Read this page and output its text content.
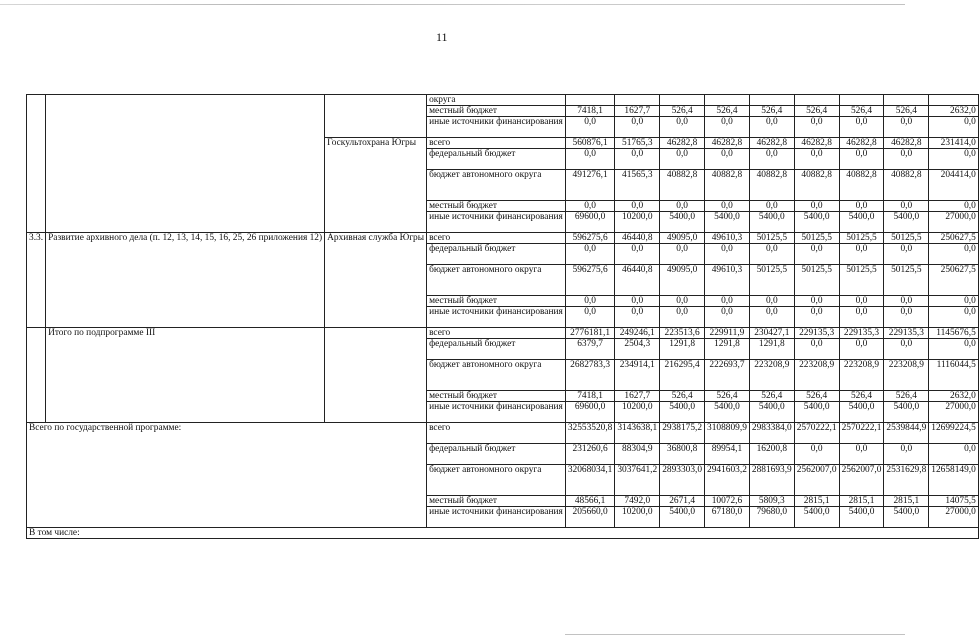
11
			округа									
			местный бюджет	7418,1	1627,7	526,4	526,4	526,4	526,4	526,4	526,4	2632,0
			иные источники финансирования	0,0	0,0	0,0	0,0	0,0	0,0	0,0	0,0	0,0
		Госкультохрана Югры	всего	560876,1	51765,3	46282,8	46282,8	46282,8	46282,8	46282,8	46282,8	231414,0
			федеральный бюджет	0,0	0,0	0,0	0,0	0,0	0,0	0,0	0,0	0,0
			бюджет автономного округа	491276,1	41565,3	40882,8	40882,8	40882,8	40882,8	40882,8	40882,8	204414,0
			местный бюджет	0,0	0,0	0,0	0,0	0,0	0,0	0,0	0,0	0,0
			иные источники финансирования	69600,0	10200,0	5400,0	5400,0	5400,0	5400,0	5400,0	5400,0	27000,0
3.3.	Развитие архивного дела (п. 12, 13, 14, 15, 16, 25, 26 приложения 12)	Архивная служба Югры	всего	596275,6	46440,8	49095,0	49610,3	50125,5	50125,5	50125,5	50125,5	250627,5
			федеральный бюджет	0,0	0,0	0,0	0,0	0,0	0,0	0,0	0,0	0,0
			бюджет автономного округа	596275,6	46440,8	49095,0	49610,3	50125,5	50125,5	50125,5	50125,5	250627,5
			местный бюджет	0,0	0,0	0,0	0,0	0,0	0,0	0,0	0,0	0,0
			иные источники финансирования	0,0	0,0	0,0	0,0	0,0	0,0	0,0	0,0	0,0
	Итого по подпрограмме III		всего	2776181,1	249246,1	223513,6	229911,9	230427,1	229135,3	229135,3	229135,3	1145676,5
			федеральный бюджет	6379,7	2504,3	1291,8	1291,8	1291,8	0,0	0,0	0,0	0,0
			бюджет автономного округа	2682783,3	234914,1	216295,4	222693,7	223208,9	223208,9	223208,9	223208,9	1116044,5
			местный бюджет	7418,1	1627,7	526,4	526,4	526,4	526,4	526,4	526,4	2632,0
			иные источники финансирования	69600,0	10200,0	5400,0	5400,0	5400,0	5400,0	5400,0	5400,0	27000,0
Всего по государственной программе:			всего	32553520,8	3143638,1	2938175,2	3108809,9	2983384,0	2570222,1	2570222,1	2539844,9	12699224,5
			федеральный бюджет	231260,6	88304,9	36800,8	89954,1	16200,8	0,0	0,0	0,0	0,0
			бюджет автономного округа	32068034,1	3037641,2	2893303,0	2941603,2	2881693,9	2562007,0	2562007,0	2531629,8	12658149,0
			местный бюджет	48566,1	7492,0	2671,4	10072,6	5809,3	2815,1	2815,1	2815,1	14075,5
			иные источники финансирования	205660,0	10200,0	5400,0	67180,0	79680,0	5400,0	5400,0	5400,0	27000,0
В том числе:												
